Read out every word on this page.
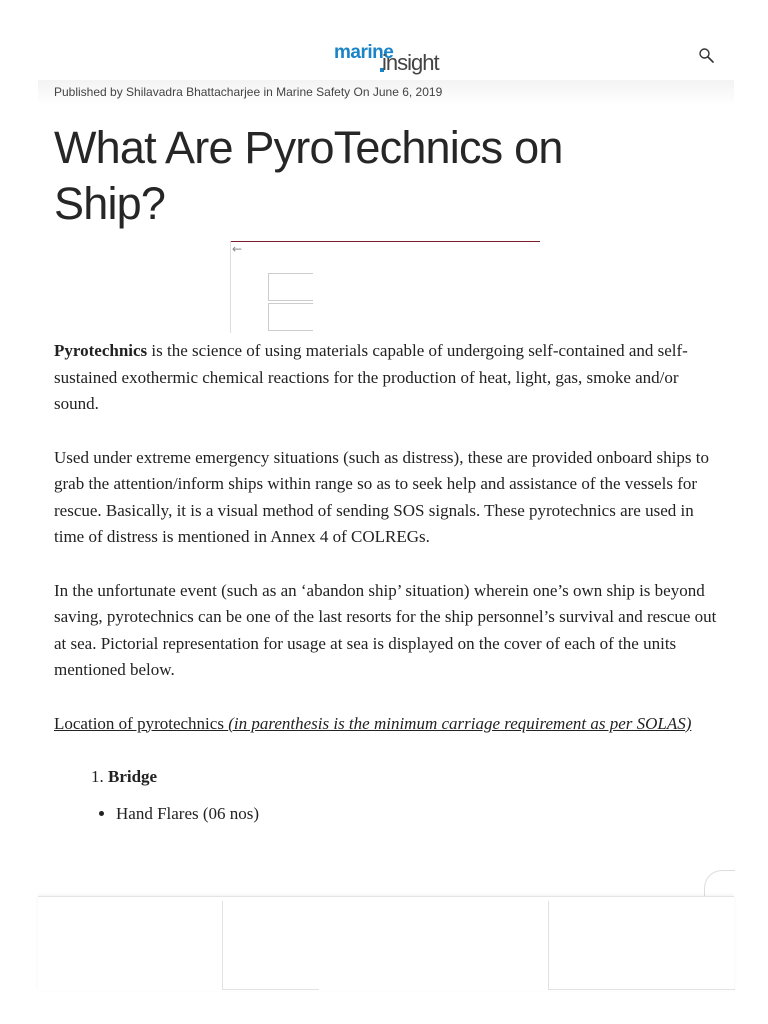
marine
insight
Published by Shilavadra Bhattacharjee in Marine Safety On June 6, 2019
What Are PyroTechnics on Ship?
←

Pyrotechnics is the science of using materials capable of undergoing self-contained and self-sustained exothermic chemical reactions for the production of heat, light, gas, smoke and/or sound.

Used under extreme emergency situations (such as distress), these are provided onboard ships to grab the attention/inform ships within range so as to seek help and assistance of the vessels for rescue. Basically, it is a visual method of sending SOS signals. These pyrotechnics are used in time of distress is mentioned in Annex 4 of COLREGs.

In the unfortunate event (such as an ‘abandon ship’ situation) wherein one’s own ship is beyond saving, pyrotechnics can be one of the last resorts for the ship personnel’s survival and rescue out at sea. Pictorial representation for usage at sea is displayed on the cover of each of the units mentioned below.

Location of pyrotechnics (in parenthesis is the minimum carriage requirement as per SOLAS)

1. Bridge
• Hand Flares (06 nos)
